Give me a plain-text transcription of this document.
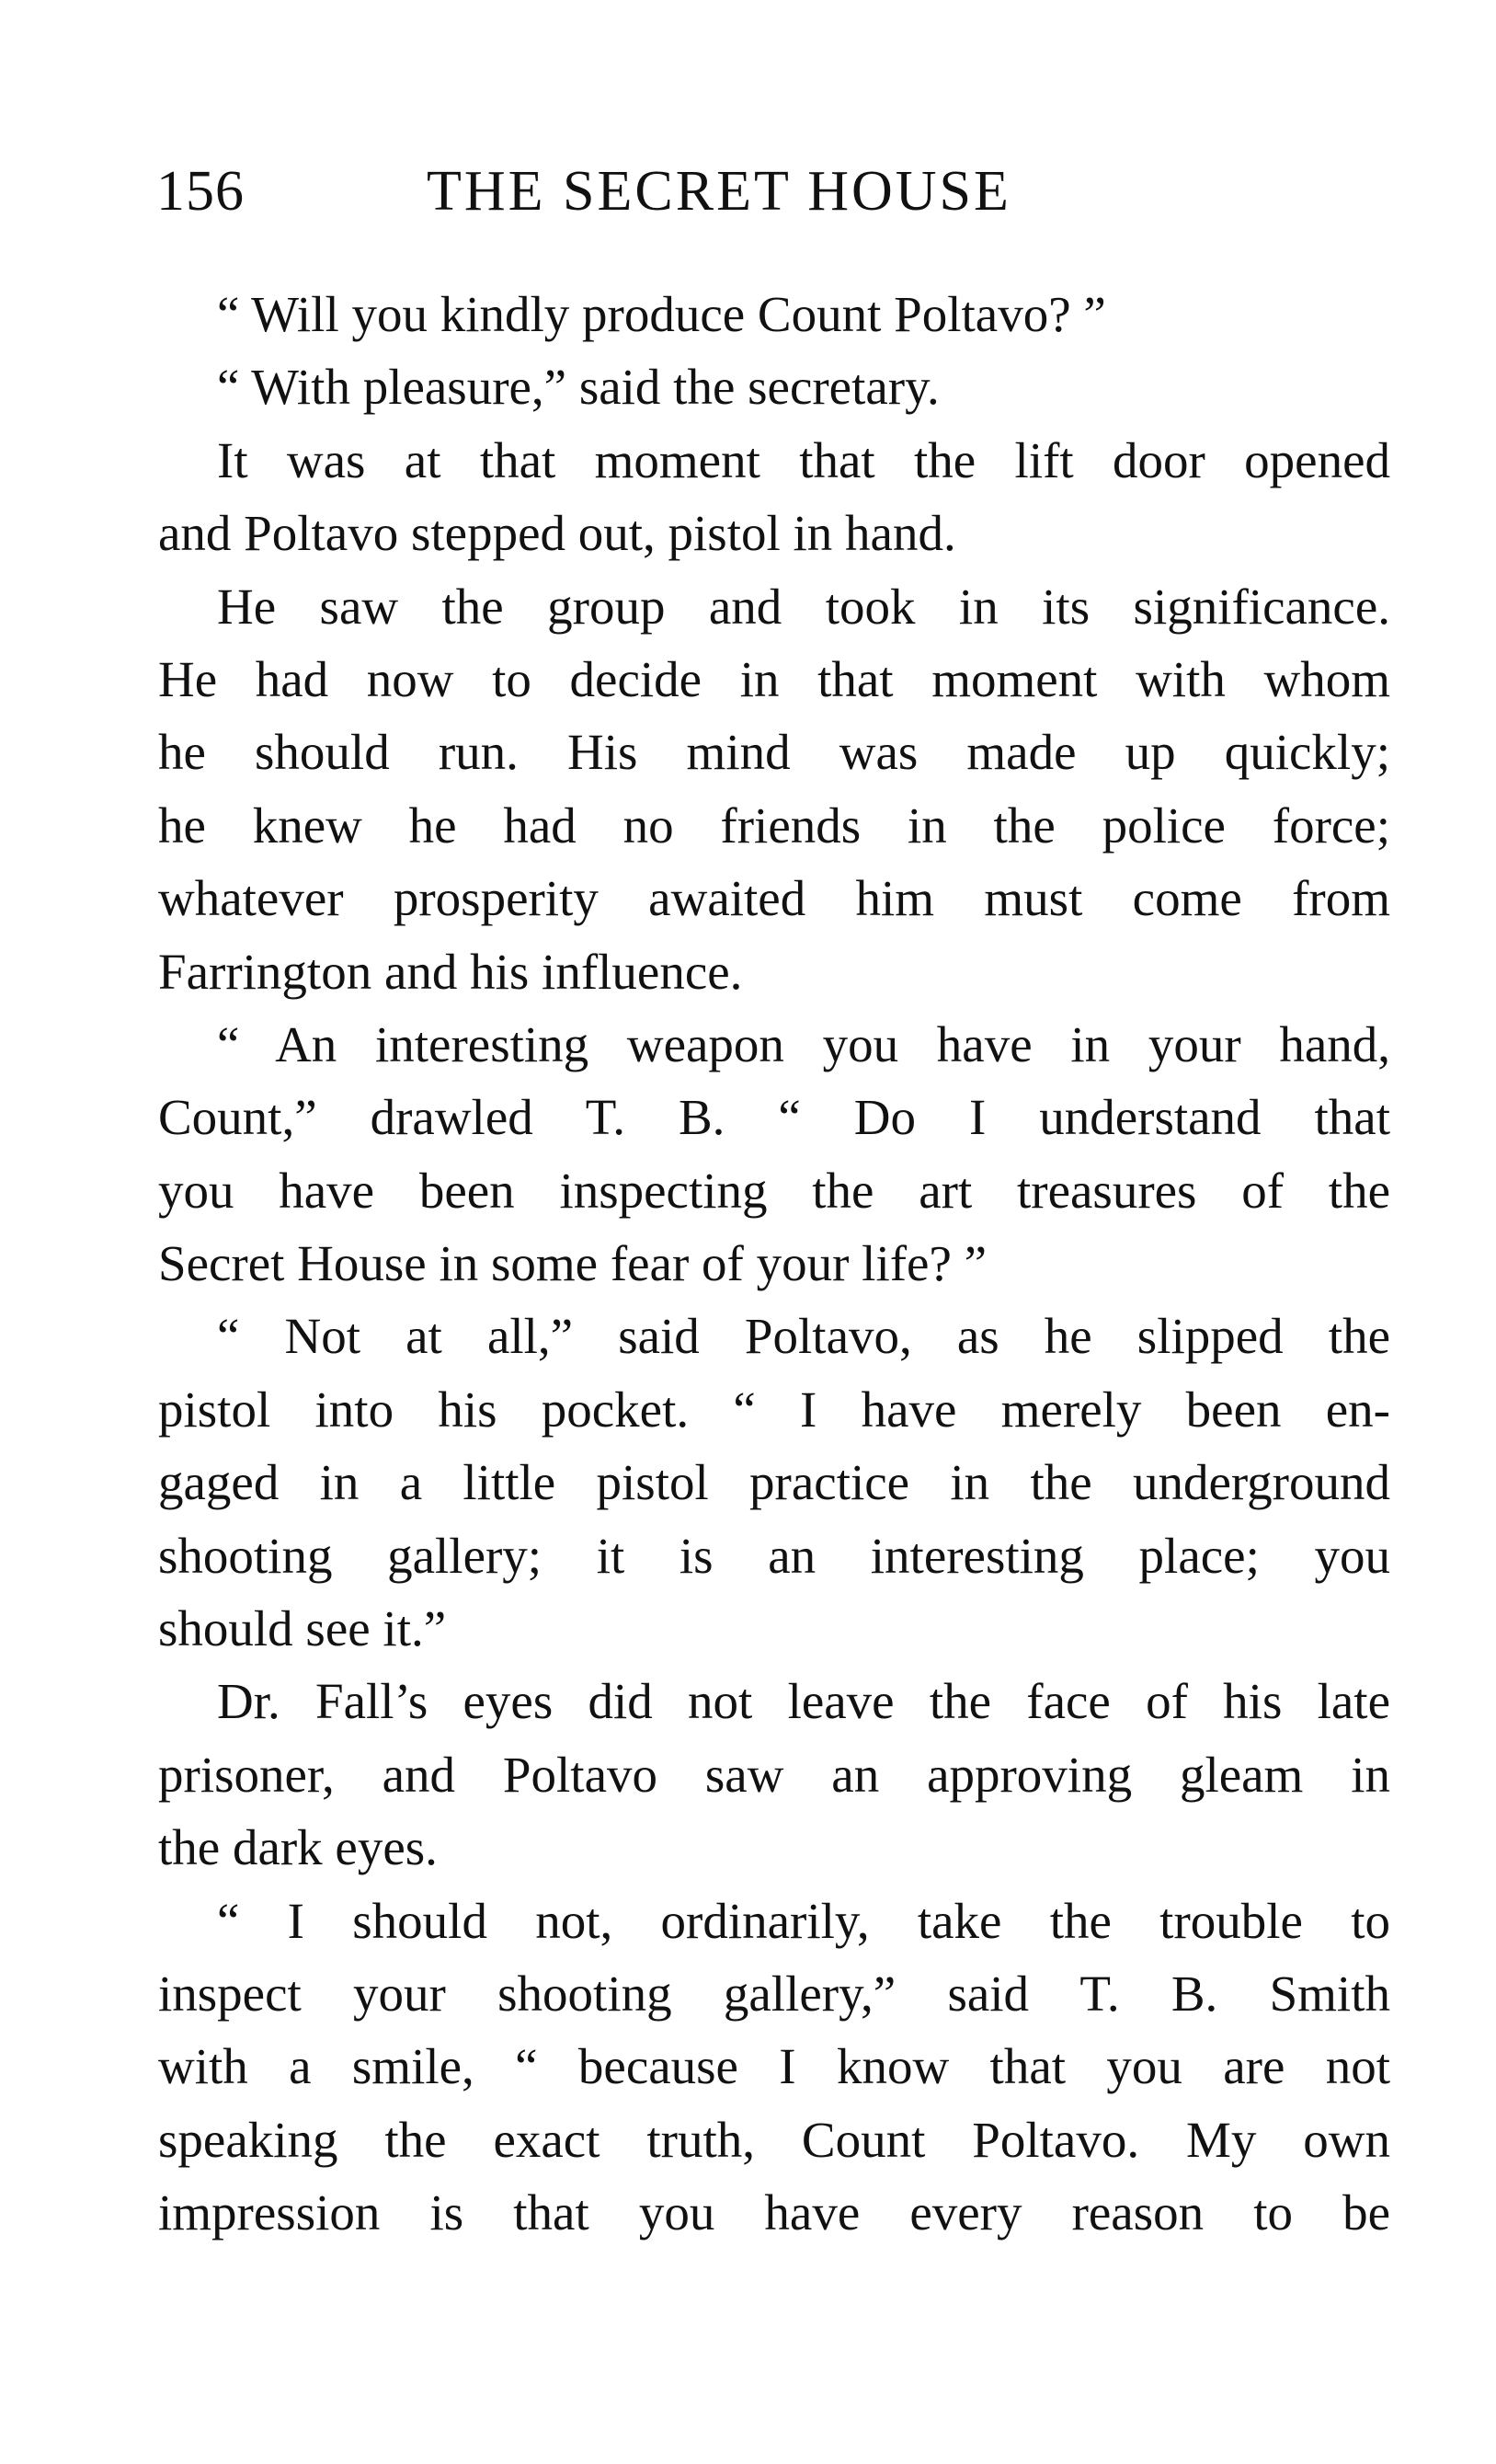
156	THE SECRET HOUSE
“ Will you kindly produce Count Poltavo? ”
“ With pleasure,” said the secretary.
It was at that moment that the lift door opened
and Poltavo stepped out, pistol in hand.
He saw the group and took in its significance.
He had now to decide in that moment with whom
he should run. His mind was made up quickly;
he knew he had no friends in the police force;
whatever prosperity awaited him must come from
Farrington and his influence.
“ An interesting weapon you have in your hand,
Count,” drawled T. B. “ Do I understand that
you have been inspecting the art treasures of the
Secret House in some fear of your life? ”
“ Not at all,” said Poltavo, as he slipped the
pistol into his pocket. “ I have merely been en-
gaged in a little pistol practice in the underground
shooting gallery; it is an interesting place; you
should see it.”
Dr. Fall’s eyes did not leave the face of his late
prisoner, and Poltavo saw an approving gleam in
the dark eyes.
“ I should not, ordinarily, take the trouble to
inspect your shooting gallery,” said T. B. Smith
with a smile, “ because I know that you are not
speaking the exact truth, Count Poltavo. My own
impression is that you have every reason to be
